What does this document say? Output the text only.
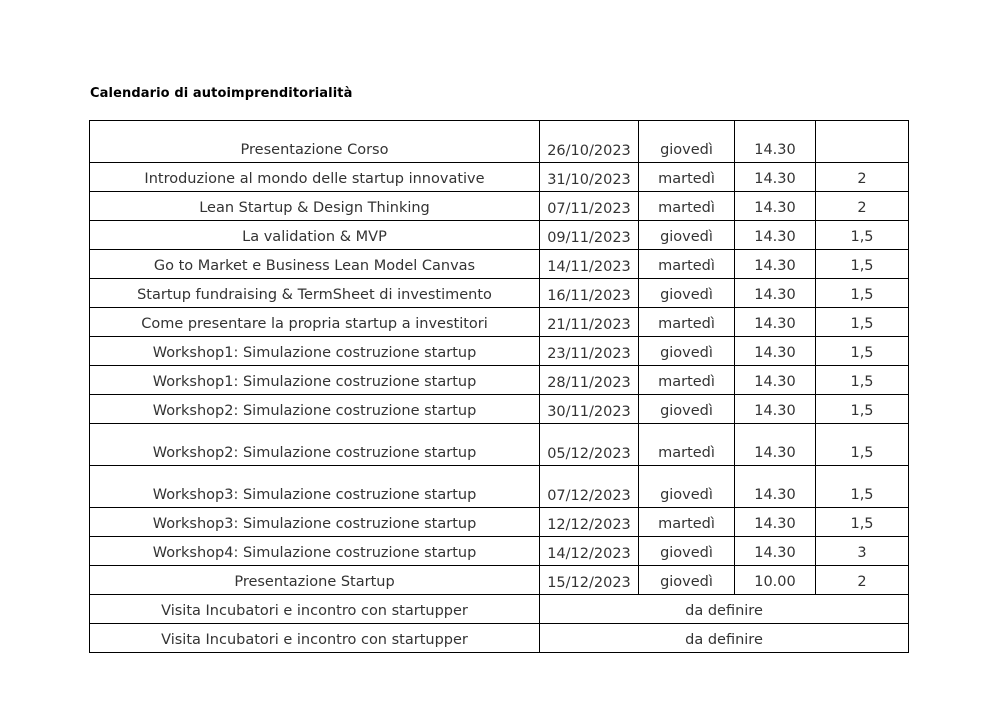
Calendario di autoimprenditorialità
Presentazione Corso	26/10/2023	giovedì	14.30	
Introduzione al mondo delle startup innovative	31/10/2023	martedì	14.30	2
Lean Startup & Design Thinking	07/11/2023	martedì	14.30	2
La validation & MVP	09/11/2023	giovedì	14.30	1,5
Go to Market e Business Lean Model Canvas	14/11/2023	martedì	14.30	1,5
Startup fundraising & TermSheet di investimento	16/11/2023	giovedì	14.30	1,5
Come presentare la propria startup a investitori	21/11/2023	martedì	14.30	1,5
Workshop1: Simulazione costruzione startup	23/11/2023	giovedì	14.30	1,5
Workshop1: Simulazione costruzione startup	28/11/2023	martedì	14.30	1,5
Workshop2: Simulazione costruzione startup	30/11/2023	giovedì	14.30	1,5
Workshop2: Simulazione costruzione startup	05/12/2023	martedì	14.30	1,5
Workshop3: Simulazione costruzione startup	07/12/2023	giovedì	14.30	1,5
Workshop3: Simulazione costruzione startup	12/12/2023	martedì	14.30	1,5
Workshop4: Simulazione costruzione startup	14/12/2023	giovedì	14.30	3
Presentazione Startup	15/12/2023	giovedì	10.00	2
Visita Incubatori e incontro con startupper	da definire			
Visita Incubatori e incontro con startupper	da definire			
